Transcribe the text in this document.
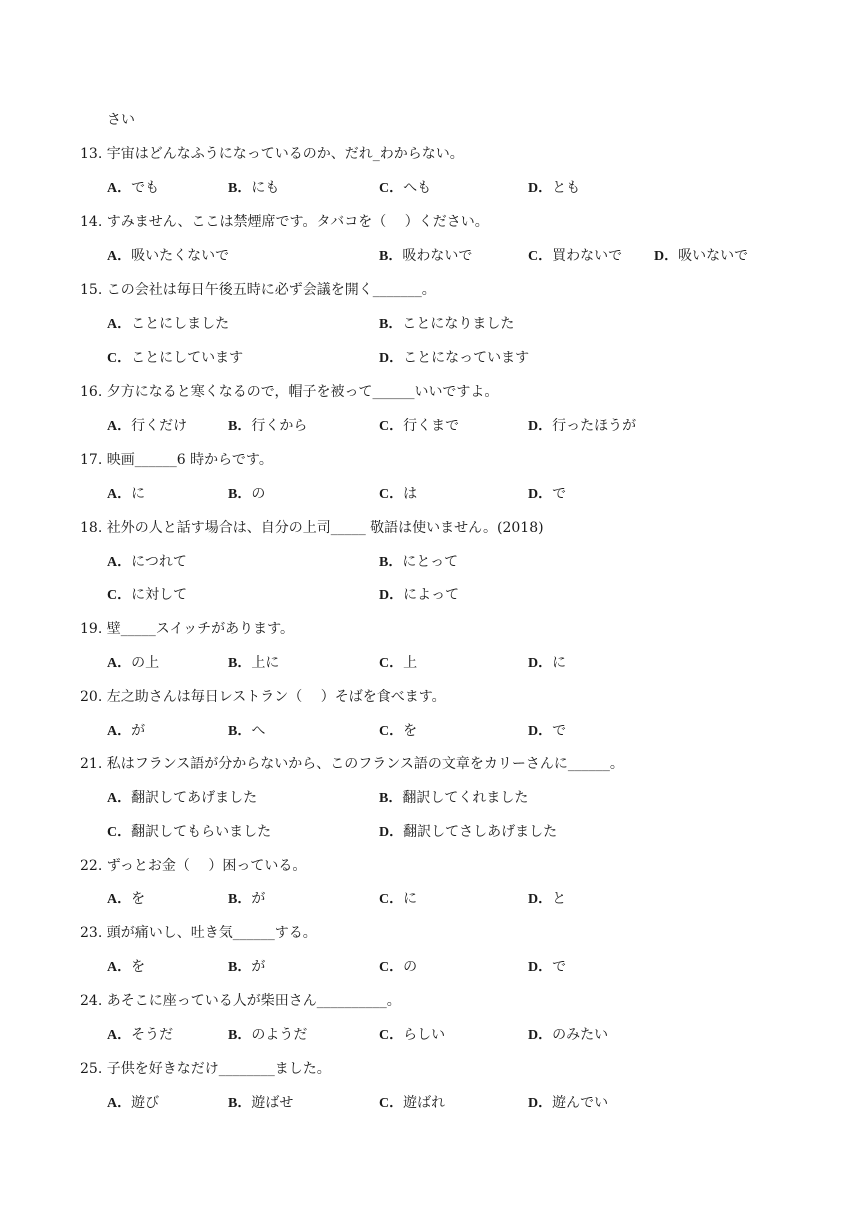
さい
13. 宇宙はどんなふうになっているのか、だれ_わからない。
A．でも	B．にも	C．へも	D．とも
14. すみません、ここは禁煙席です。タバコを（　 ）ください。
A．吸いたくないで	B．吸わないで	C．買わないで D．吸いないで
15. この会社は毎日午後五時に必ず会議を開く_______。
A．ことにしました	B．ことになりました
C．ことにしています	D．ことになっています
16. 夕方になると寒くなるので，帽子を被って______いいですよ。
A．行くだけ	B．行くから	C．行くまで	D．行ったほうが
17. 映画______6 時からです。
A．に	B．の	C．は	D．で
18. 社外の人と話す場合は、自分の上司_____ 敬語は使いません。(2018)
A．につれて	B．にとって
C．に対して	D．によって
19. 壁_____スイッチがあります。
A．の上	B．上に	C．上	D．に
20. 左之助さんは毎日レストラン（　 ）そばを食べます。
A．が	B．へ	C．を	D．で
21. 私はフランス語が分からないから、このフランス語の文章をカリーさんに______。
A．翻訳してあげました	B．翻訳してくれました
C．翻訳してもらいました	D．翻訳してさしあげました
22. ずっとお金（　 ）困っている。
A．を	B．が	C．に	D．と
23. 頭が痛いし、吐き気______する。
A．を	B．が	C．の	D．で
24. あそこに座っている人が柴田さん__________。
A．そうだ	B．のようだ	C．らしい	D．のみたい
25. 子供を好きなだけ________ました。
A．遊び	B．遊ばせ	C．遊ばれ	D．遊んでい
